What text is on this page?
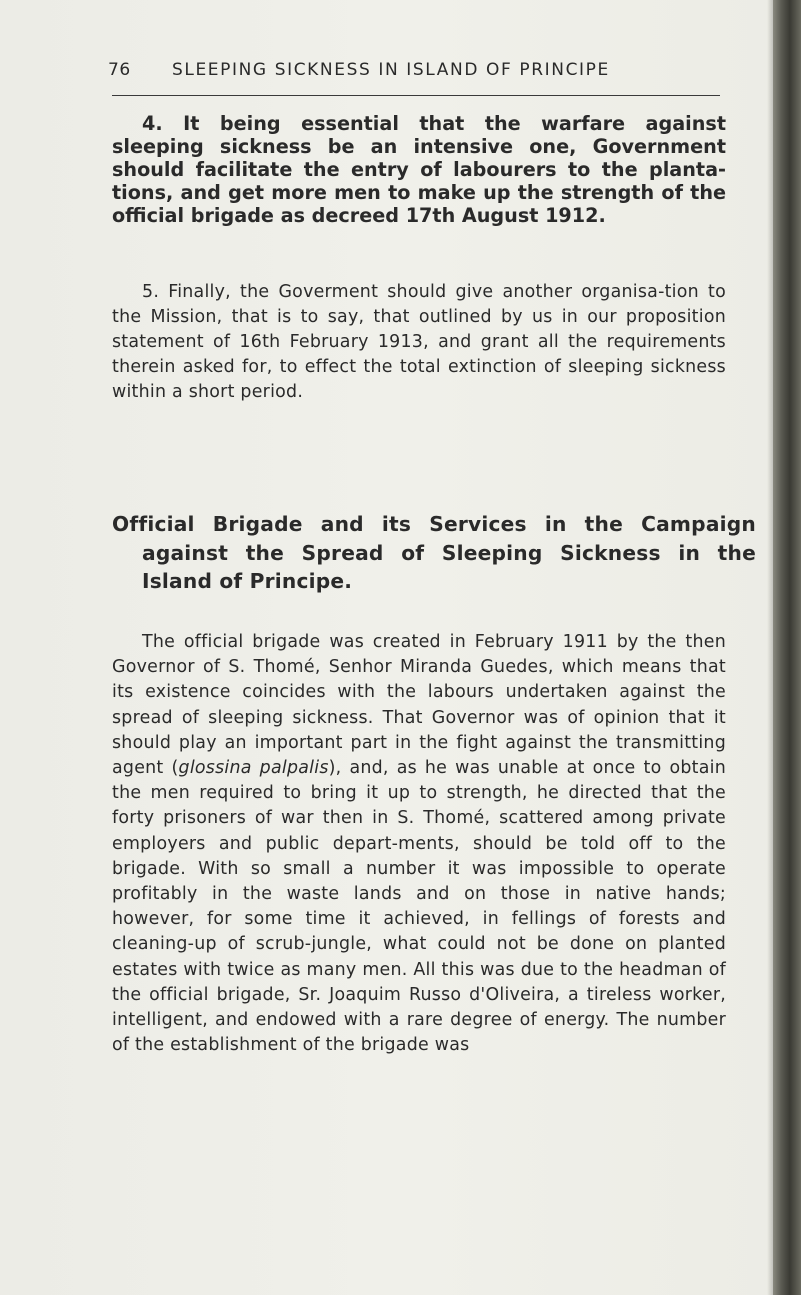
76 SLEEPING SICKNESS IN ISLAND OF PRINCIPE

4. It being essential that the warfare against sleeping sickness be an intensive one, Government should facilitate the entry of labourers to the planta-tions, and get more men to make up the strength of the official brigade as decreed 17th August 1912.

5. Finally, the Goverment should give another organisa-tion to the Mission, that is to say, that outlined by us in our proposition statement of 16th February 1913, and grant all the requirements therein asked for, to effect the total extinction of sleeping sickness within a short period.

Official Brigade and its Services in the Campaign against the Spread of Sleeping Sickness in the Island of Principe.

The official brigade was created in February 1911 by the then Governor of S. Thomé, Senhor Miranda Guedes, which means that its existence coincides with the labours undertaken against the spread of sleeping sickness. That Governor was of opinion that it should play an important part in the fight against the transmitting agent (glossina palpalis), and, as he was unable at once to obtain the men required to bring it up to strength, he directed that the forty prisoners of war then in S. Thomé, scattered among private employers and public depart-ments, should be told off to the brigade. With so small a number it was impossible to operate profitably in the waste lands and on those in native hands; however, for some time it achieved, in fellings of forests and cleaning-up of scrub-jungle, what could not be done on planted estates with twice as many men. All this was due to the headman of the official brigade, Sr. Joaquim Russo d'Oliveira, a tireless worker, intelligent, and endowed with a rare degree of energy. The number of the establishment of the brigade was
